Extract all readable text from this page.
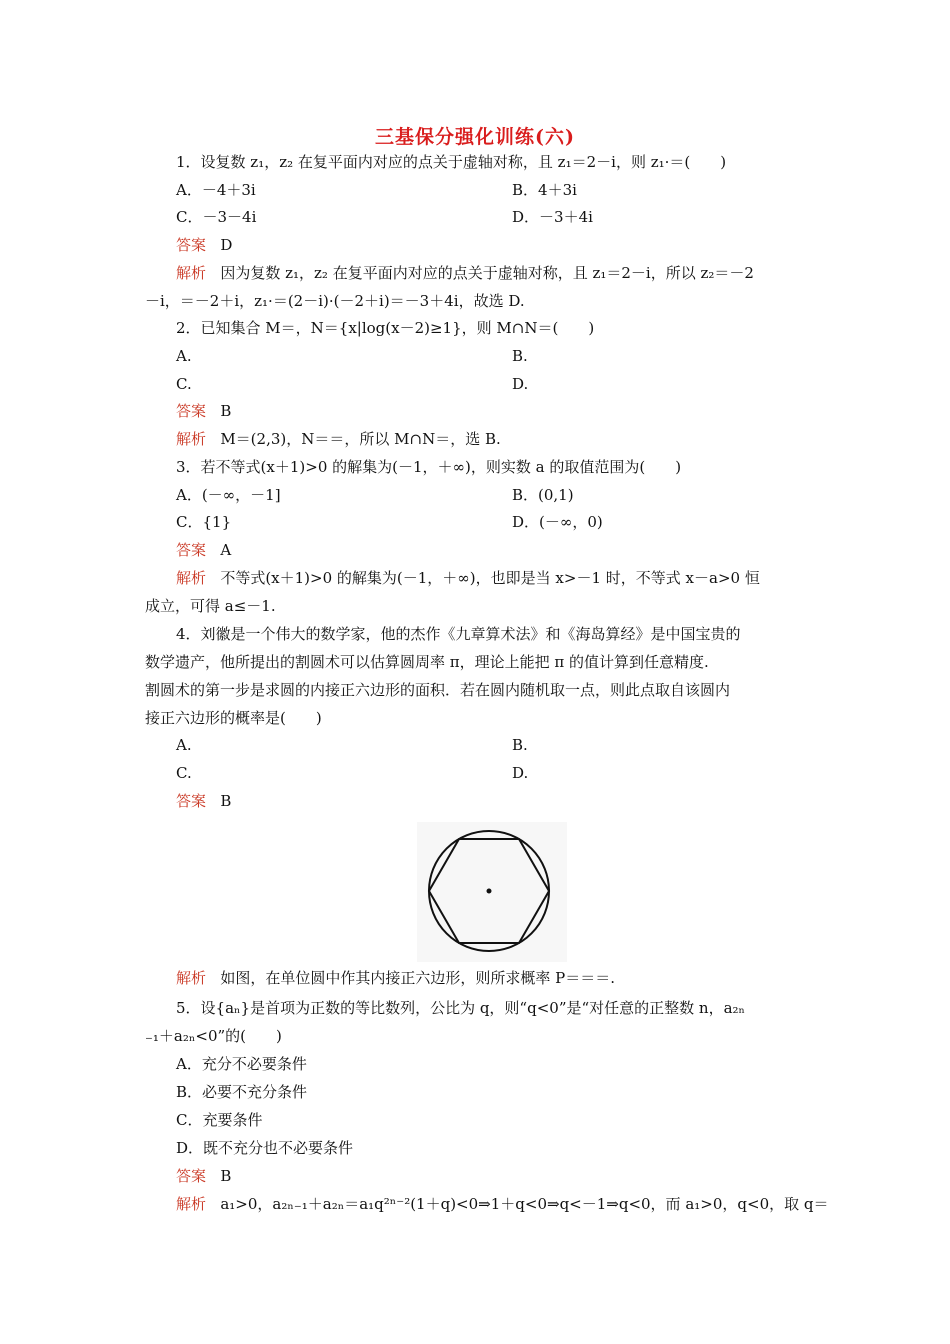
三基保分强化训练(六)
1．设复数 z₁，z₂ 在复平面内对应的点关于虚轴对称，且 z₁＝2－i，则 z₁·＝(　　)
A．－4＋3i	B．4＋3i
C．－3－4i	D．－3＋4i
答案 D
解析 因为复数 z₁，z₂ 在复平面内对应的点关于虚轴对称，且 z₁＝2－i，所以 z₂＝－2
－i，＝－2＋i，z₁·＝(2－i)·(－2＋i)＝－3＋4i，故选 D.
2．已知集合 M＝，N＝{x|log(x－2)≥1}，则 M∩N＝(　　)
A.	B.
C.	D.
答案 B
解析 M＝(2,3)，N＝＝，所以 M∩N＝，选 B.
3．若不等式(x＋1)>0 的解集为(－1，＋∞)，则实数 a 的取值范围为(　　)
A．(－∞，－1]	B．(0,1)
C．{1}	D．(－∞，0)
答案 A
解析 不等式(x＋1)>0 的解集为(－1，＋∞)，也即是当 x>－1 时，不等式 x－a>0 恒
成立，可得 a≤－1.
4．刘徽是一个伟大的数学家，他的杰作《九章算术法》和《海岛算经》是中国宝贵的
数学遗产，他所提出的割圆术可以估算圆周率 π，理论上能把 π 的值计算到任意精度.
割圆术的第一步是求圆的内接正六边形的面积．若在圆内随机取一点，则此点取自该圆内
接正六边形的概率是(　　)
A.	B.
C.	D.
答案 B
解析 如图，在单位圆中作其内接正六边形，则所求概率 P＝＝＝.
5．设{aₙ}是首项为正数的等比数列，公比为 q，则“q<0”是“对任意的正整数 n，a₂ₙ
₋₁＋a₂ₙ<0”的(　　)
A．充分不必要条件
B．必要不充分条件
C．充要条件
D．既不充分也不必要条件
答案 B
解析 a₁>0，a₂ₙ₋₁＋a₂ₙ＝a₁q²ⁿ⁻²(1＋q)<0⇒1＋q<0⇒q<－1⇒q<0，而 a₁>0，q<0，取 q＝
